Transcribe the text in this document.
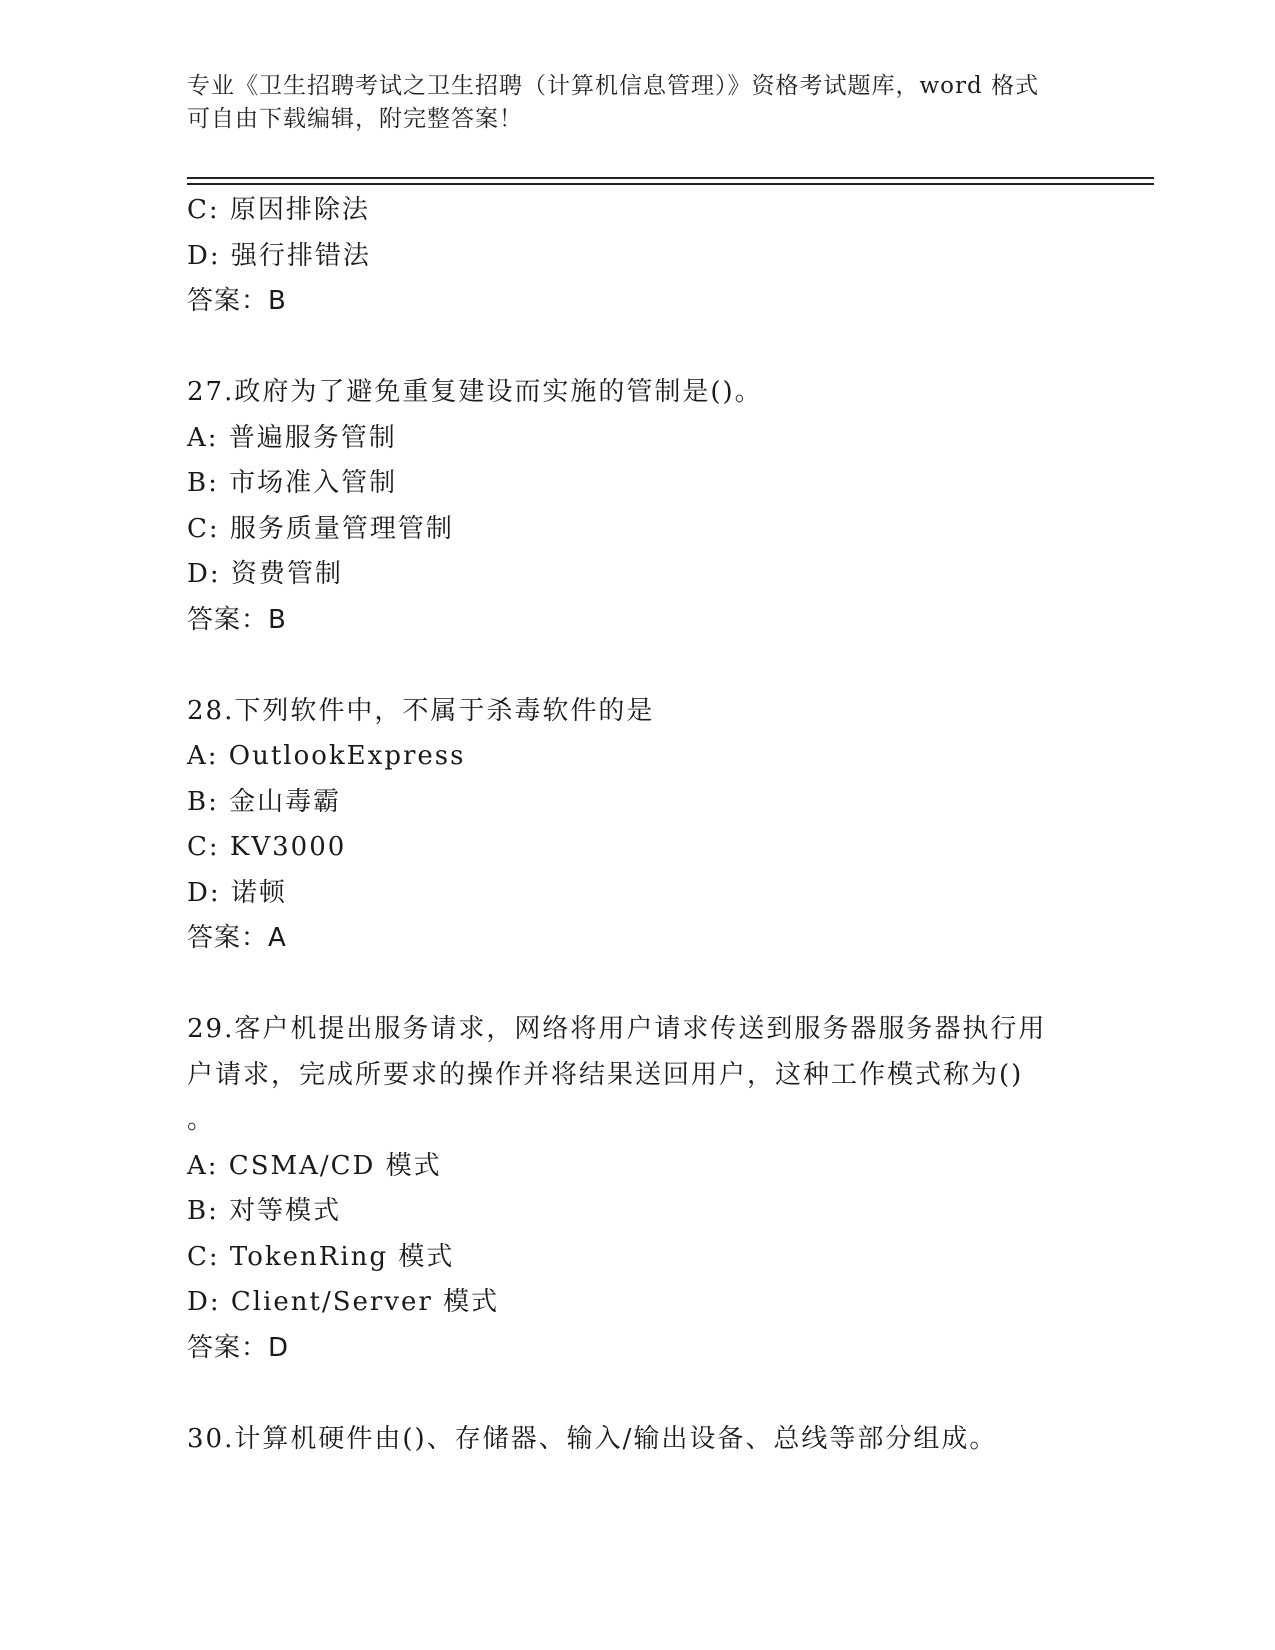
专业《卫生招聘考试之卫生招聘（计算机信息管理）》资格考试题库，word 格式

可自由下载编辑，附完整答案！

C: 原因排除法
D: 强行排错法
答案：B
27.政府为了避免重复建设而实施的管制是()。
A: 普遍服务管制
B: 市场准入管制
C: 服务质量管理管制
D: 资费管制
答案：B
28.下列软件中，不属于杀毒软件的是
A: OutlookExpress
B: 金山毒霸
C: KV3000
D: 诺顿
答案：A
29.客户机提出服务请求，网络将用户请求传送到服务器服务器执行用
户请求，完成所要求的操作并将结果送回用户，这种工作模式称为()
。
A: CSMA/CD 模式
B: 对等模式
C: TokenRing 模式
D: Client/Server 模式
答案：D
30.计算机硬件由()、存储器、输入/输出设备、总线等部分组成。
